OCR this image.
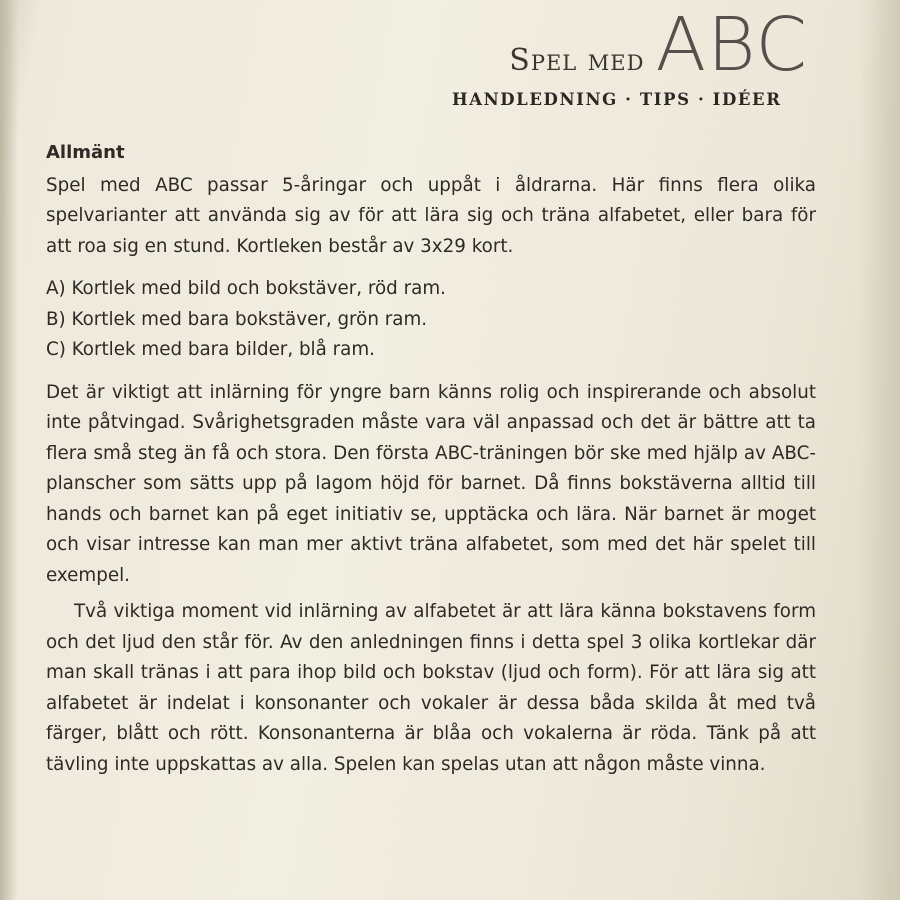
Spel med ABC
HANDLEDNING · TIPS · IDÉER
Allmänt

Spel med ABC passar 5-åringar och uppåt i åldrarna. Här finns flera olika spelvarianter att använda sig av för att lära sig och träna alfabetet, eller bara för att roa sig en stund. Kortleken består av 3x29 kort.

A) Kortlek med bild och bokstäver, röd ram.

B) Kortlek med bara bokstäver, grön ram.

C) Kortlek med bara bilder, blå ram.

Det är viktigt att inlärning för yngre barn känns rolig och inspirerande och absolut inte påtvingad. Svårighetsgraden måste vara väl anpassad och det är bättre att ta flera små steg än få och stora. Den första ABC-träningen bör ske med hjälp av ABC-planscher som sätts upp på lagom höjd för barnet. Då finns bokstäverna alltid till hands och barnet kan på eget initiativ se, upptäcka och lära. När barnet är moget och visar intresse kan man mer aktivt träna alfabetet, som med det här spelet till exempel.

Två viktiga moment vid inlärning av alfabetet är att lära känna bokstavens form och det ljud den står för. Av den anledningen finns i detta spel 3 olika kortlekar där man skall tränas i att para ihop bild och bokstav (ljud och form). För att lära sig att alfabetet är indelat i konsonanter och vokaler är dessa båda skilda åt med två färger, blått och rött. Konsonanterna är blåa och vokalerna är röda. Tänk på att tävling inte uppskattas av alla. Spelen kan spelas utan att någon måste vinna.
